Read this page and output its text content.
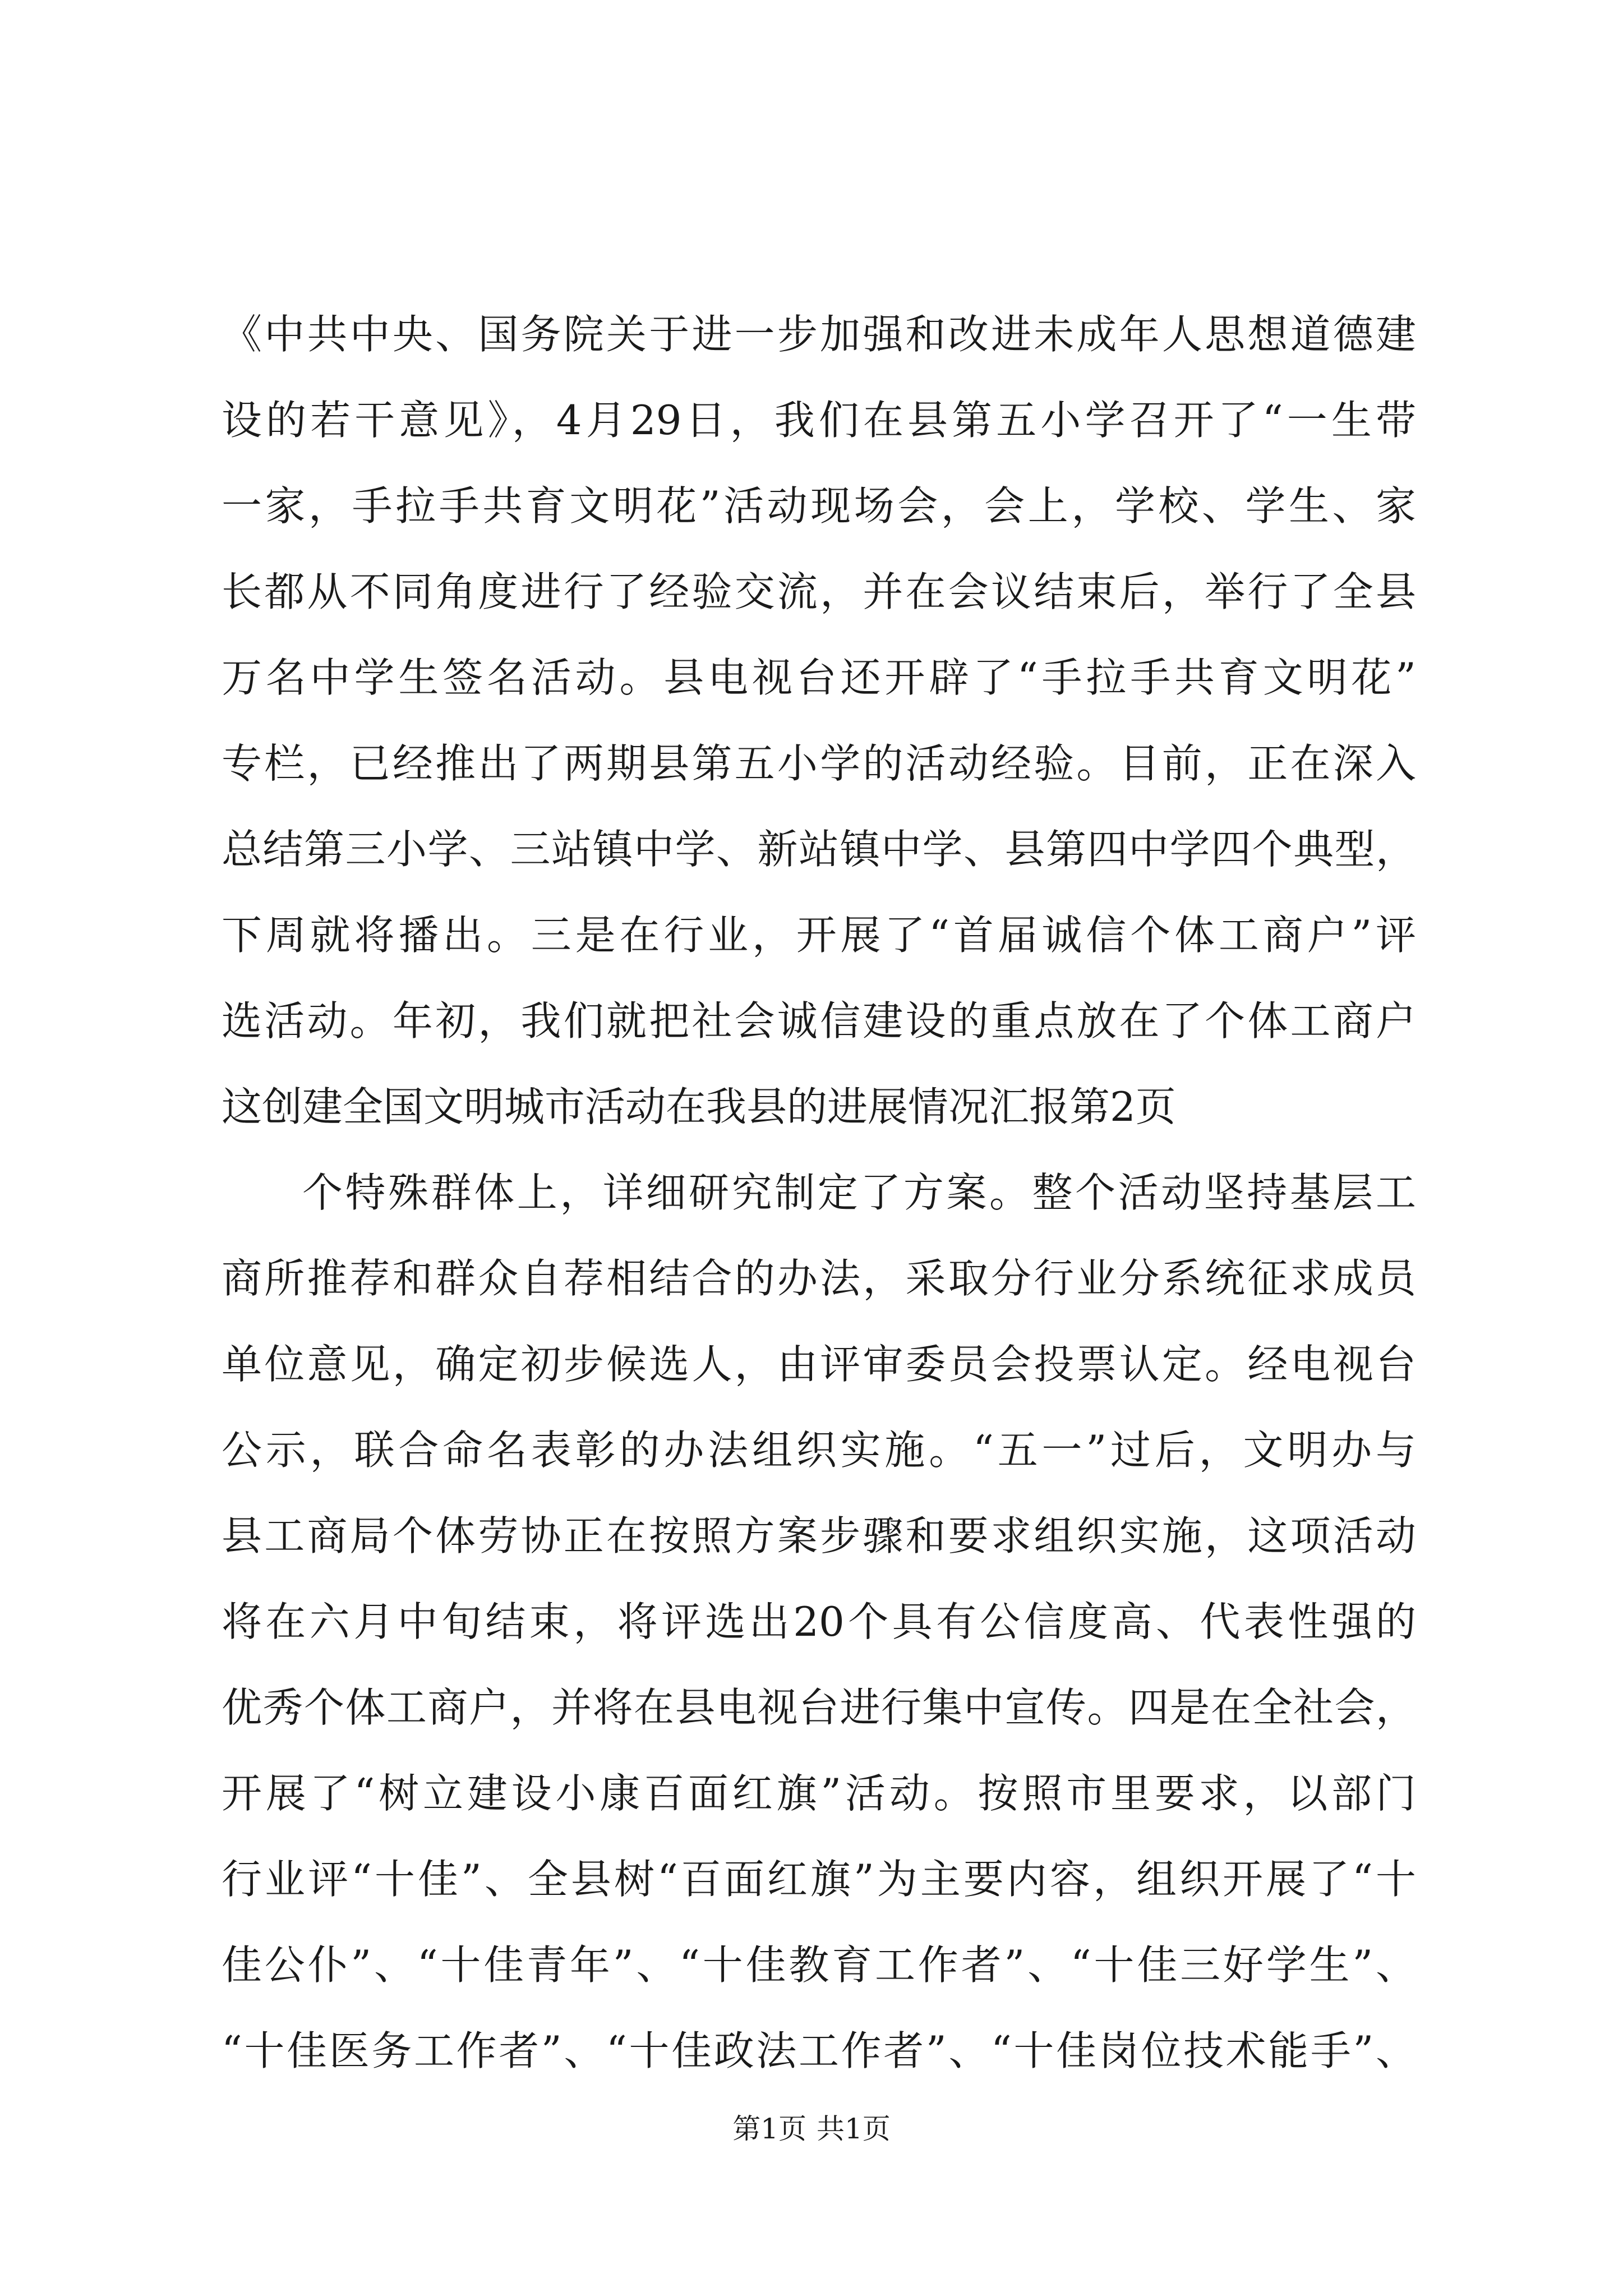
《中共中央、国务院关于进一步加强和改进未成年人思想道德建
设的若干意见》，4月29日，我们在县第五小学召开了“一生带
一家，手拉手共育文明花”活动现场会，会上，学校、学生、家
长都从不同角度进行了经验交流，并在会议结束后，举行了全县
万名中学生签名活动。县电视台还开辟了“手拉手共育文明花”
专栏，已经推出了两期县第五小学的活动经验。目前，正在深入
总结第三小学、三站镇中学、新站镇中学、县第四中学四个典型，
下周就将播出。三是在行业，开展了“首届诚信个体工商户”评
选活动。年初，我们就把社会诚信建设的重点放在了个体工商户
这创建全国文明城市活动在我县的进展情况汇报第2页
个特殊群体上，详细研究制定了方案。整个活动坚持基层工
商所推荐和群众自荐相结合的办法，采取分行业分系统征求成员
单位意见，确定初步候选人，由评审委员会投票认定。经电视台
公示，联合命名表彰的办法组织实施。“五一”过后，文明办与
县工商局个体劳协正在按照方案步骤和要求组织实施，这项活动
将在六月中旬结束，将评选出20个具有公信度高、代表性强的
优秀个体工商户，并将在县电视台进行集中宣传。四是在全社会，
开展了“树立建设小康百面红旗”活动。按照市里要求，以部门
行业评“十佳”、全县树“百面红旗”为主要内容，组织开展了“十
佳公仆”、“十佳青年”、“十佳教育工作者”、“十佳三好学生”、
“十佳医务工作者”、“十佳政法工作者”、“十佳岗位技术能手”、
第1页 共1页
